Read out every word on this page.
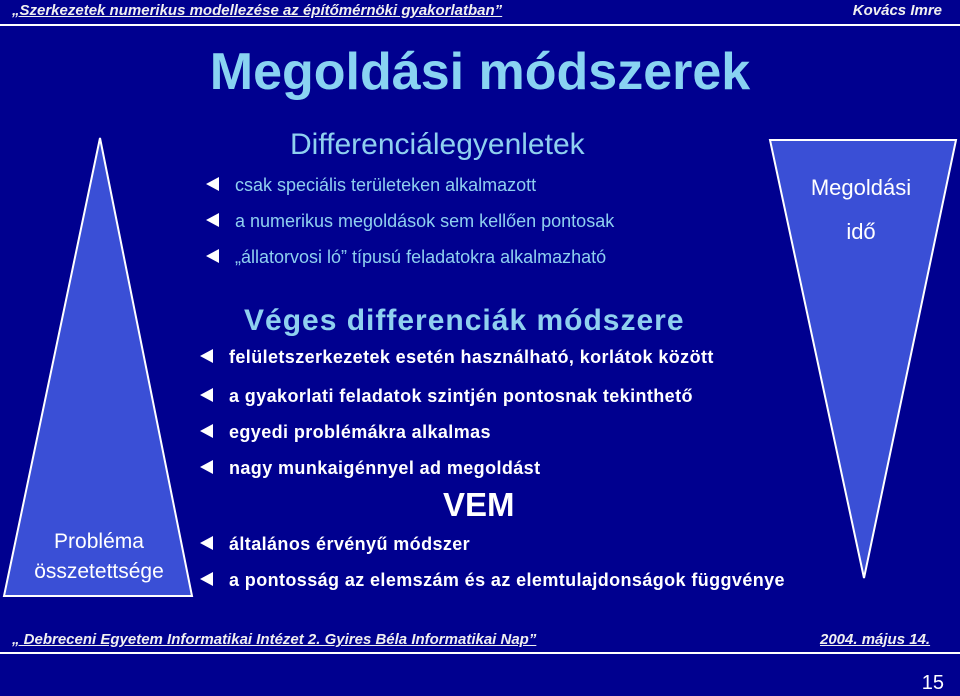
„Szerkezetek numerikus modellezése az építőmérnöki gyakorlatban”	Kovács Imre
Megoldási módszerek
Probléma
összetettsége
Megoldási
idő
Differenciálegyenletek
csak speciális területeken alkalmazott
a numerikus megoldások sem kellően pontosak
„állatorvosi ló” típusú feladatokra alkalmazható
Véges differenciák módszere
felületszerkezetek esetén használható, korlátok között
a gyakorlati feladatok szintjén pontosnak tekinthető
egyedi problémákra alkalmas
nagy munkaigénnyel ad megoldást
VEM
általános érvényű módszer
a pontosság az elemszám és az elemtulajdonságok függvénye
„ Debreceni Egyetem Informatikai Intézet 2. Gyires Béla Informatikai Nap”	2004. május 14.
15
